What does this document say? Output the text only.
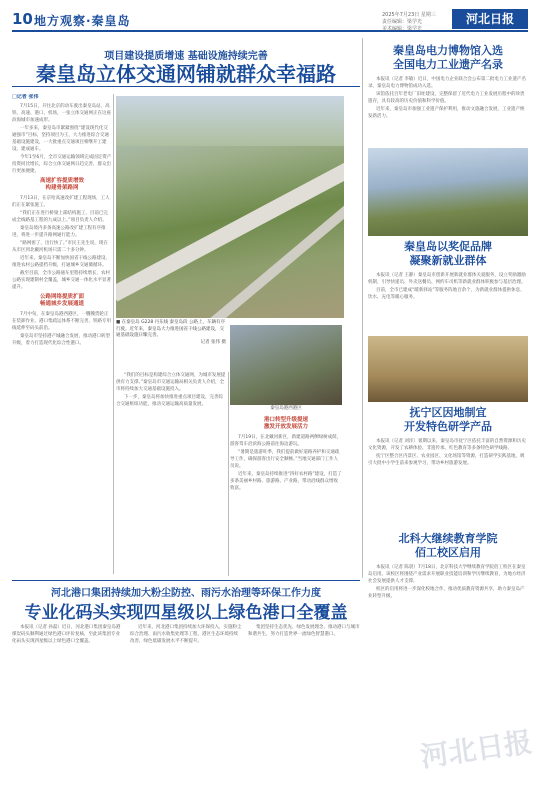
10 地方观察·秦皇岛	2025年7月23日 星期三
责任编辑：梁学光
美术编辑：梁学光
河北日报
项目建设提质增速 基础设施持续完善
秦皇岛立体交通网铺就群众幸福路
□记者 张伟

7月15日，开往北京的动车驶出秦皇岛站，高铁、高速、港口、机场，一张立体交通网正在这座滨海城市加速成形。

一年多来，秦皇岛市紧紧围绕“建设现代化交通强市”目标，坚持项目为王，大力推进综合交通基础设施建设，一大批重点交通项目相继开工建设、建成通车。

今年1至6月，全市交通运输领域完成固定资产投资同比增长，综合立体交通网日趋完善，群众出行更加便捷。

高速扩容提质增效
构建骨架路网

7月13日，在京哈高速改扩建工程现场，工人们正在紧张施工。

“我们正在进行桥梁上部结构施工，目前已完成全线路基工程的九成以上。”项目负责人介绍。

秦皇岛境内多条高速公路改扩建工程有序推进，将进一步提升路网通行能力。

“路网密了，出行快了。”市民王先生说，现在从市区到北戴河机场只需二十多分钟。

近年来，秦皇岛不断加快国省干线公路建设，推进农村公路提档升级，打通城乡交通微循环。

截至目前，全市公路通车里程持续增长，农村公路实现建制村全覆盖，城乡交通一体化水平显著提升。

公路网络提质扩面
畅通城乡发展通道

7月中旬，在秦皇岛港西港区，一艘艘货轮正在装卸作业。港口集疏运体系不断完善，铁路专用线延伸至码头前沿。

秦皇岛市坚持港产城融合发展，推动港口转型升级，着力打造现代化综合性港口。

■ 在秦皇岛 G228 丹东线 秦皇岛段 公路上，车辆有序行驶。近年来，秦皇岛大力推进国省干线公路建设，交通基础设施日臻完善。
记者 张伟 摄

“我们的目标是构建综合立体交通网，为城市发展提供有力支撑。”秦皇岛市交通运输局相关负责人介绍，全市将持续加大交通基础设施投入。

下一步，秦皇岛将加快推进重点项目建设，完善综合交通枢纽功能，推动交通运输高质量发展。

秦皇岛港西港区
港口转型升级提速
激发开放发展活力

7月19日，在北戴河新区，新建道路两侧绿树成荫，游客驾车沿滨海公路前往海边游玩。

“暑期是旅游旺季，我们提前做好道路养护和交通疏导工作，确保游客出行安全顺畅。”当地交通部门工作人员说。

近年来，秦皇岛持续推进“四好农村路”建设，打造了多条美丽乡村路、旅游路、产业路，带动沿线群众增收致富。

秦皇岛电力博物馆入选
全国电力工业遗产名录

本报讯（记者 李敏）近日，中国电力企业联合会公布第二批电力工业遗产名录，秦皇岛电力博物馆成功入选。

该馆依托百年老电厂旧址建设，完整保留了近代电力工业发展历程中的珍贵遗存，具有较高的历史价值和科学价值。

近年来，秦皇岛市加强工业遗产保护利用，推动文旅融合发展，工业遗产焕发新活力。

秦皇岛以奖促品牌
凝聚新就业群体

本报讯（记者 王静）秦皇岛市创新开展新就业群体关爱服务，设立奖励激励机制，引导快递员、外卖送餐员、网约车司机等新就业群体积极参与基层治理。

目前，全市已建成“暖新驿站”等服务阵地百余个，为新就业群体提供休息、饮水、充电等暖心服务。

抚宁区因地制宜
开发特色研学产品

本报讯（记者 刘洋）暑期以来，秦皇岛市抚宁区依托丰富的自然资源和历史文化资源，开发了农耕体验、非遗传承、红色教育等多条特色研学线路。

抚宁区整合区内景区、农业园区、文化场馆等资源，打造研学实践基地，吸引大批中小学生前来参观学习，带动乡村旅游发展。

北科大继续教育学院
佰工校区启用

本报讯（记者 陈晨）7月18日，北京科技大学继续教育学院佰工校区在秦皇岛启用。该校区将围绕产业需求开展职业技能培训和学历继续教育，为地方经济社会发展提供人才支撑。

校区的启用将进一步深化校地合作，推动优质教育资源共享，助力秦皇岛产业转型升级。

河北港口集团持续加大粉尘防控、雨污水治理等环保工作力度
专业化码头实现四星级以上绿色港口全覆盖

本报讯（记者 孙磊）近日，河北港口集团秦皇岛港煤炭码头顺利通过绿色港口评价复核，至此该集团专业化码头实现四星级以上绿色港口全覆盖。

近年来，河北港口集团持续加大环保投入，实施粉尘综合治理、雨污水收集处理等工程，港区生态环境持续改善，绿色低碳发展水平不断提升。

集团坚持生态优先、绿色发展理念，推动港口与城市和谐共生，努力打造世界一流绿色智慧港口。

河北日报
